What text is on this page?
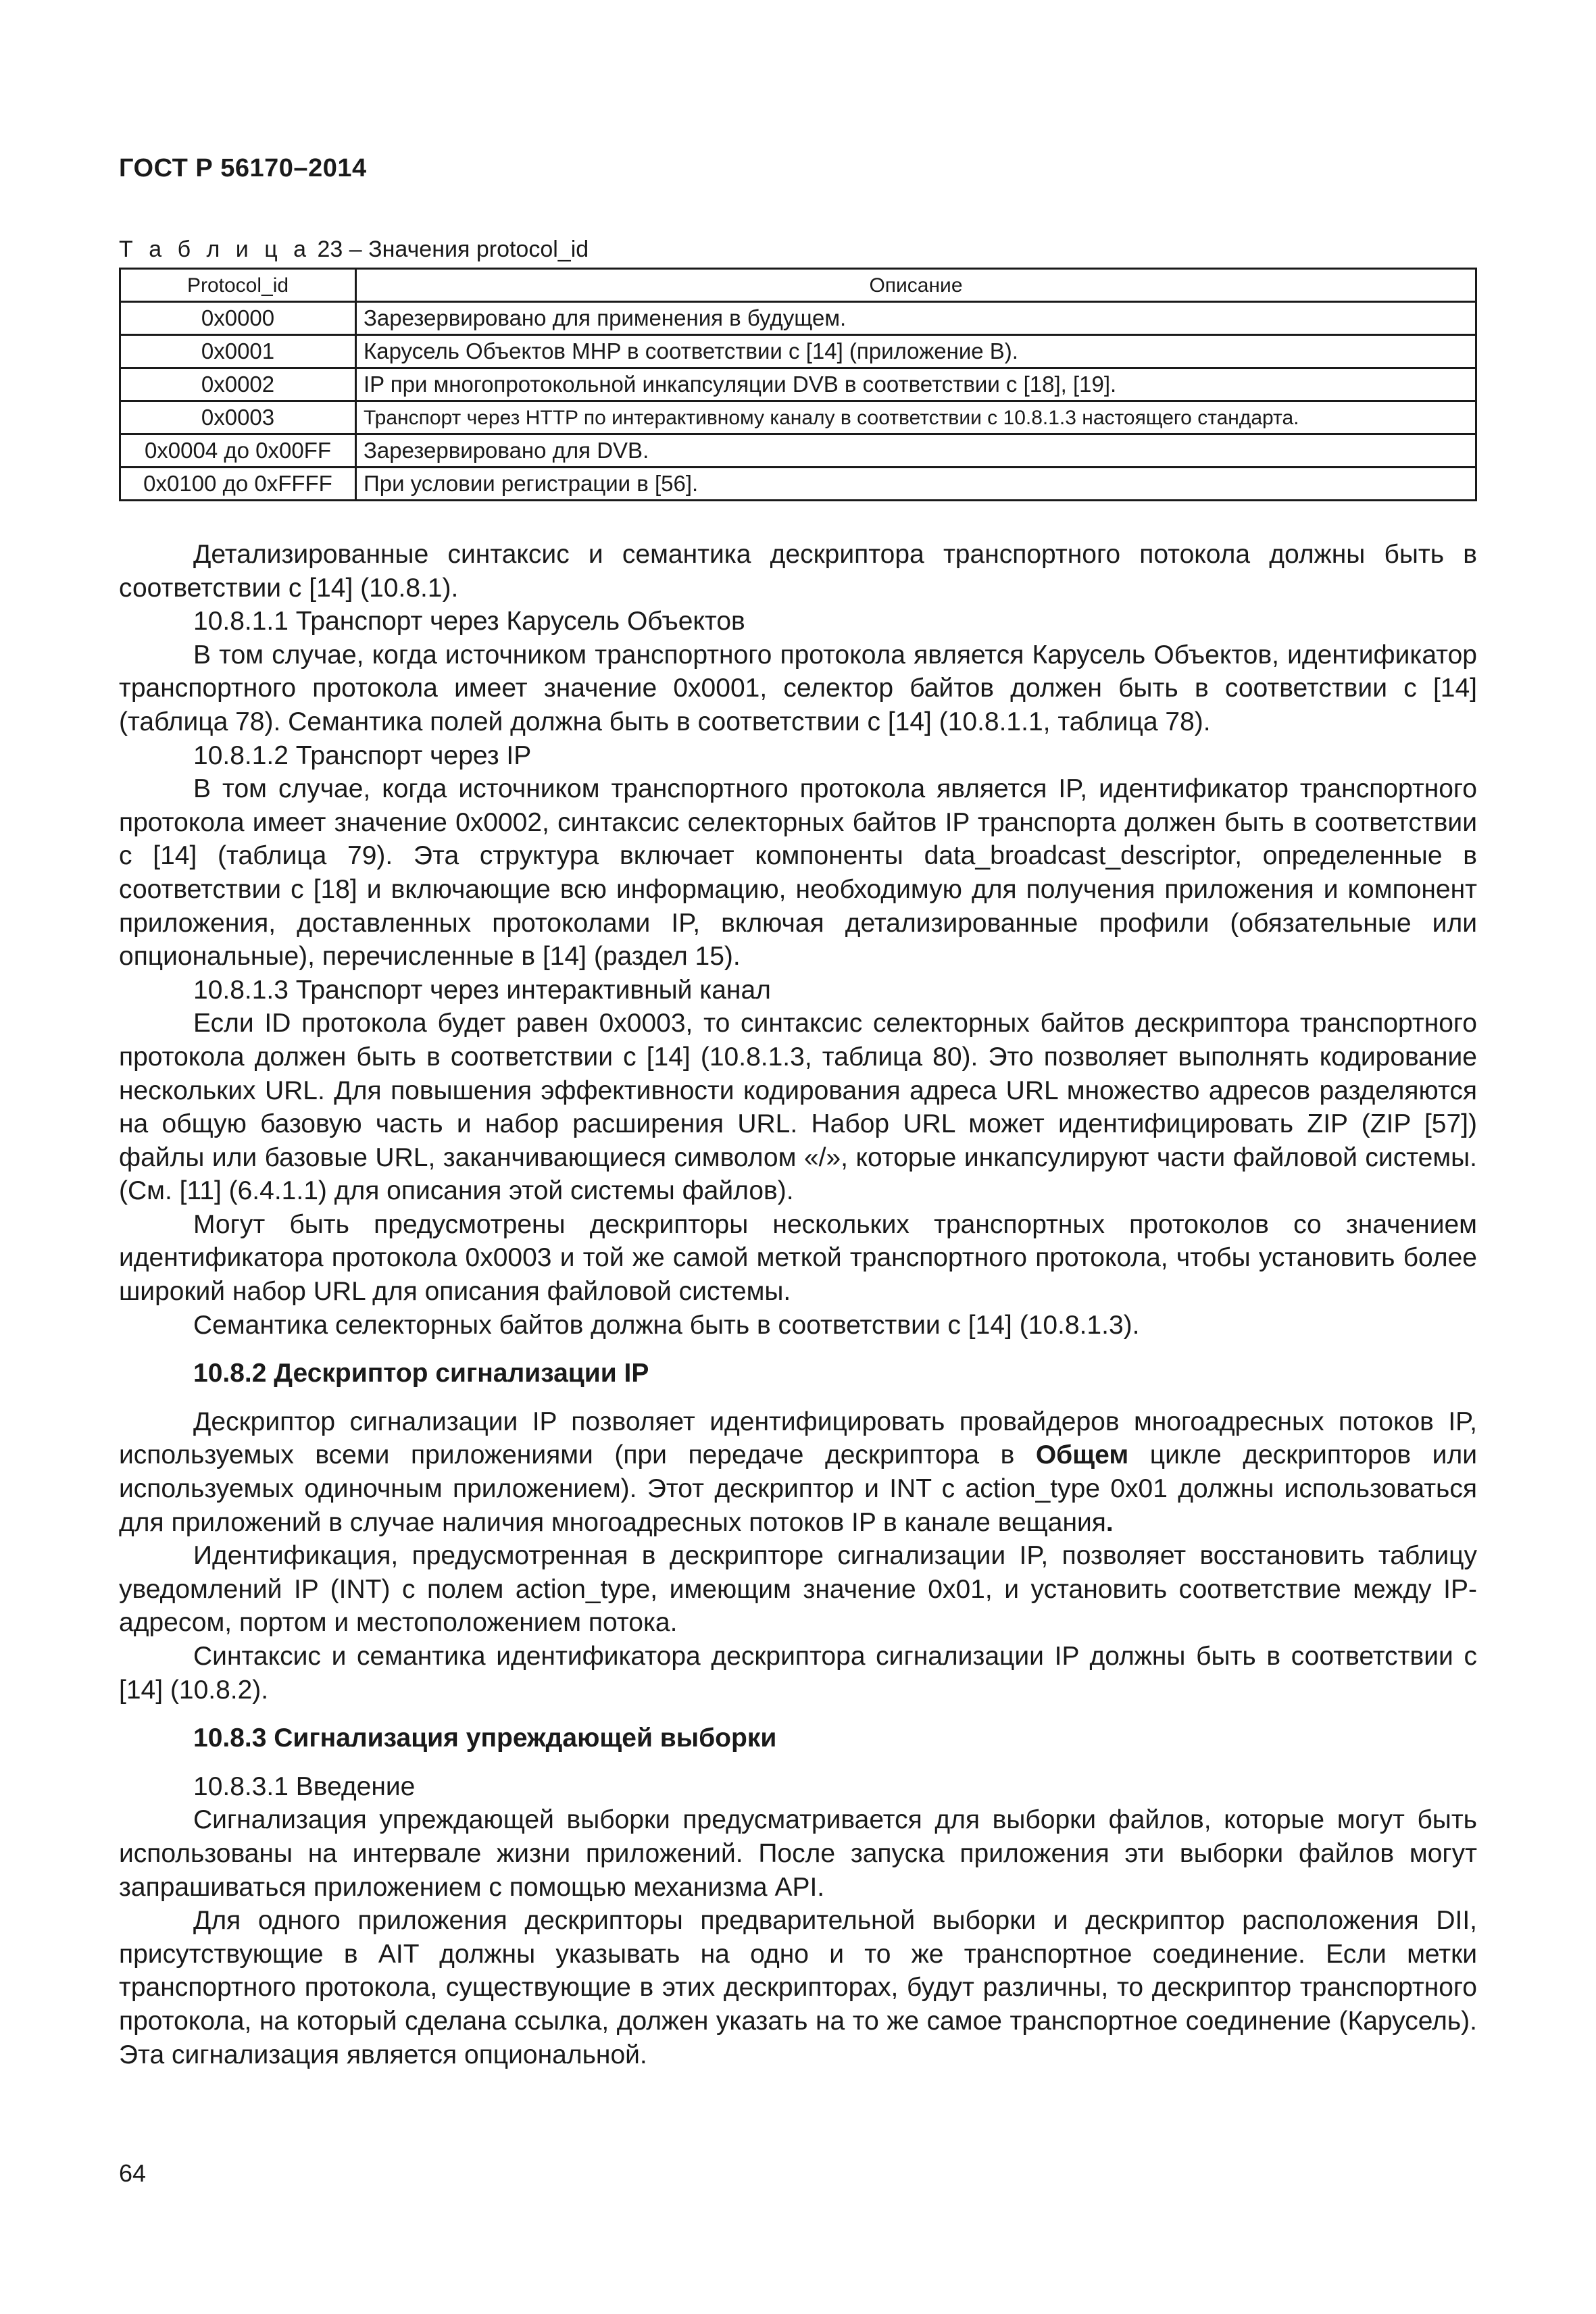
ГОСТ Р 56170–2014
Т а б л и ц а 23 – Значения protocol_id
Protocol_id	Описание
0x0000	Зарезервировано для применения в будущем.
0x0001	Карусель Объектов MHP в соответствии с [14] (приложение B).
0x0002	IP при многопротокольной инкапсуляции DVB в соответствии с [18], [19].
0x0003	Транспорт через HTTP по интерактивному каналу в соответствии с 10.8.1.3 настоящего стандарта.
0x0004 до 0x00FF	Зарезервировано для DVB.
0x0100 до 0xFFFF	При условии регистрации в [56].

Детализированные синтаксис и семантика дескриптора транспортного потокола должны быть в соответствии с [14] (10.8.1).

10.8.1.1 Транспорт через Карусель Объектов

В том случае, когда источником транспортного протокола является Карусель Объектов, идентификатор транспортного протокола имеет значение 0x0001, селектор байтов должен быть в соответствии с [14] (таблица 78). Семантика полей должна быть в соответствии с [14] (10.8.1.1, таблица 78).

10.8.1.2 Транспорт через IP

В том случае, когда источником транспортного протокола является IP, идентификатор транспортного протокола имеет значение 0x0002, синтаксис селекторных байтов IP транспорта должен быть в соответствии с [14] (таблица 79). Эта структура включает компоненты data_broadcast_descriptor, определенные в соответствии с [18] и включающие всю информацию, необходимую для получения приложения и компонент приложения, доставленных протоколами IP, включая детализированные профили (обязательные или опциональные), перечисленные в [14] (раздел 15).

10.8.1.3 Транспорт через интерактивный канал

Если ID протокола будет равен 0x0003, то синтаксис селекторных байтов дескриптора транспортного протокола должен быть в соответствии с [14] (10.8.1.3, таблица 80). Это позволяет выполнять кодирование нескольких URL. Для повышения эффективности кодирования адреса URL множество адресов разделяются на общую базовую часть и набор расширения URL. Набор URL может идентифицировать ZIP (ZIP [57]) файлы или базовые URL, заканчивающиеся символом «/», которые инкапсулируют части файловой системы. (См. [11] (6.4.1.1) для описания этой системы файлов).

Могут быть предусмотрены дескрипторы нескольких транспортных протоколов со значением идентификатора протокола 0x0003 и той же самой меткой транспортного протокола, чтобы установить более широкий набор URL для описания файловой системы.

Семантика селекторных байтов должна быть в соответствии с [14] (10.8.1.3).

10.8.2 Дескриптор сигнализации IP

Дескриптор сигнализации IP позволяет идентифицировать провайдеров многоадресных потоков IP, используемых всеми приложениями (при передаче дескриптора в Общем цикле дескрипторов или используемых одиночным приложением). Этот дескриптор и INT с action_type 0x01 должны использоваться для приложений в случае наличия многоадресных потоков IP в канале вещания.

Идентификация, предусмотренная в дескрипторе сигнализации IP, позволяет восстановить таблицу уведомлений IP (INT) с полем action_type, имеющим значение 0x01, и установить соответствие между IP-адресом, портом и местоположением потока.

Синтаксис и семантика идентификатора дескриптора сигнализации IP должны быть в соответствии с [14] (10.8.2).

10.8.3 Сигнализация упреждающей выборки

10.8.3.1 Введение

Сигнализация упреждающей выборки предусматривается для выборки файлов, которые могут быть использованы на интервале жизни приложений. После запуска приложения эти выборки файлов могут запрашиваться приложением с помощью механизма API.

Для одного приложения дескрипторы предварительной выборки и дескриптор расположения DII, присутствующие в AIT должны указывать на одно и то же транспортное соединение. Если метки транспортного протокола, существующие в этих дескрипторах, будут различны, то дескриптор транспортного протокола, на который сделана ссылка, должен указать на то же самое транспортное соединение (Карусель). Эта сигнализация является опциональной.

64
